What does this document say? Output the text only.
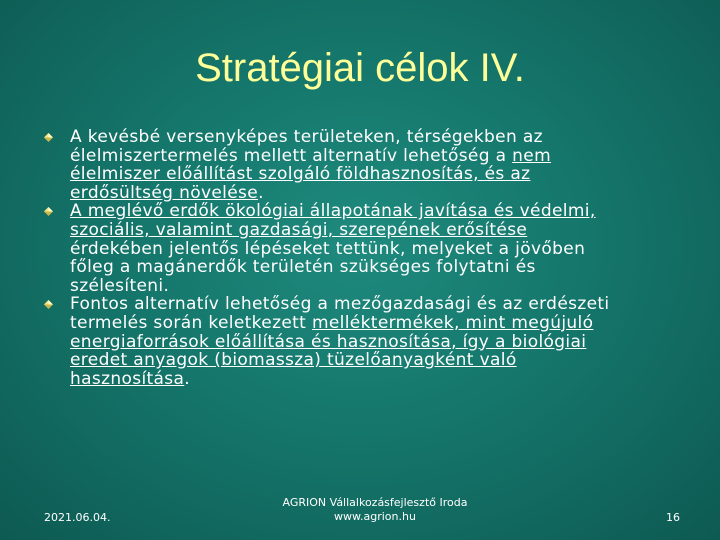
Stratégiai célok IV.
A kevésbé versenyképes területeken, térségekben az élelmiszertermelés mellett alternatív lehetőség a nem élelmiszer előállítást szolgáló földhasznosítás, és az erdősültség növelése.
A meglévő erdők ökológiai állapotának javítása és védelmi, szociális, valamint gazdasági, szerepének erősítése érdekében jelentős lépéseket tettünk, melyeket a jövőben főleg a magánerdők területén szükséges folytatni és szélesíteni.
Fontos alternatív lehetőség a mezőgazdasági és az erdészeti termelés során keletkezett melléktermékek, mint megújuló energiaforrások előállítása és hasznosítása, így a biológiai eredet anyagok (biomassza) tüzelőanyagként való hasznosítása.
2021.06.04.
AGRION Vállalkozásfejlesztő Iroda
www.agrion.hu	16
